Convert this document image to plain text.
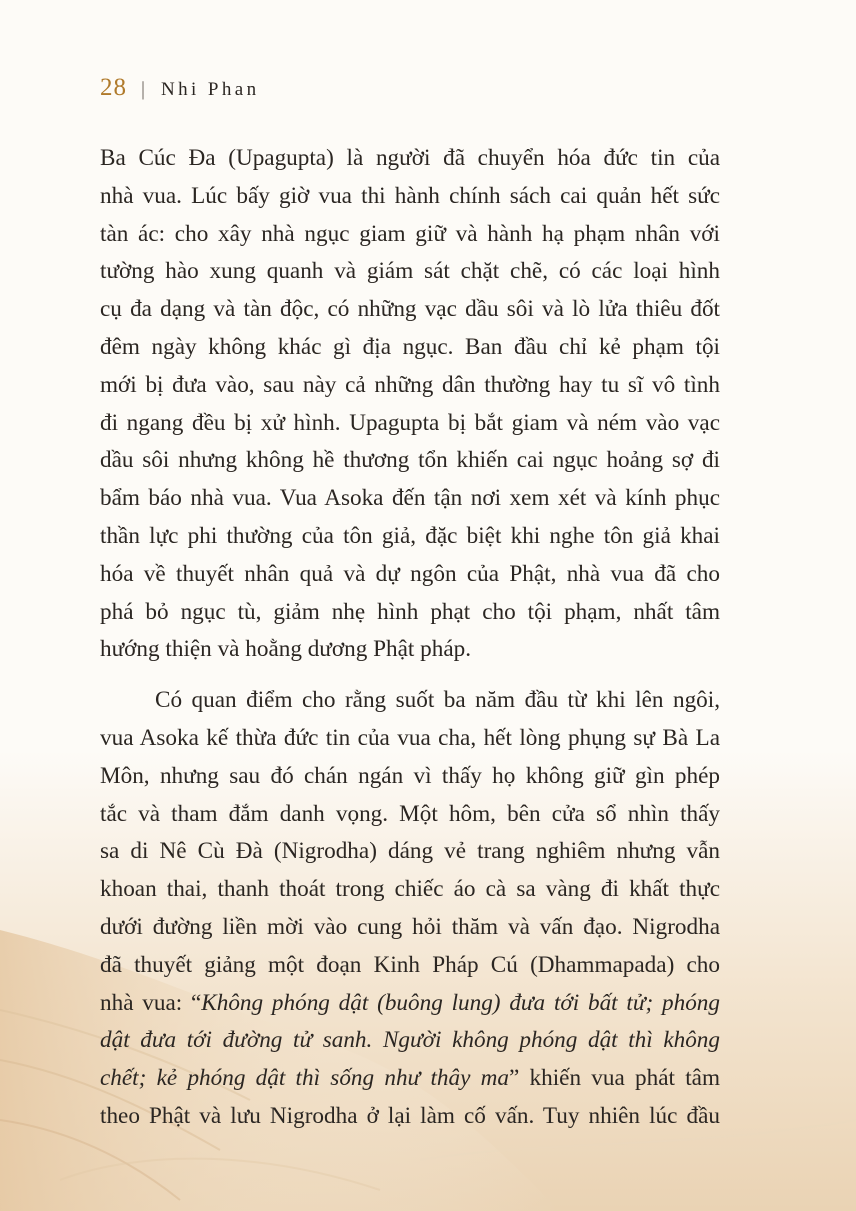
28 | Nhi Phan

Ba Cúc Đa (Upagupta) là người đã chuyển hóa đức tin của
nhà vua. Lúc bấy giờ vua thi hành chính sách cai quản hết sức
tàn ác: cho xây nhà ngục giam giữ và hành hạ phạm nhân với
tường hào xung quanh và giám sát chặt chẽ, có các loại hình
cụ đa dạng và tàn độc, có những vạc dầu sôi và lò lửa thiêu đốt
đêm ngày không khác gì địa ngục. Ban đầu chỉ kẻ phạm tội
mới bị đưa vào, sau này cả những dân thường hay tu sĩ vô tình
đi ngang đều bị xử hình. Upagupta bị bắt giam và ném vào vạc
dầu sôi nhưng không hề thương tổn khiến cai ngục hoảng sợ đi
bẩm báo nhà vua. Vua Asoka đến tận nơi xem xét và kính phục
thần lực phi thường của tôn giả, đặc biệt khi nghe tôn giả khai
hóa về thuyết nhân quả và dự ngôn của Phật, nhà vua đã cho
phá bỏ ngục tù, giảm nhẹ hình phạt cho tội phạm, nhất tâm
hướng thiện và hoằng dương Phật pháp.

Có quan điểm cho rằng suốt ba năm đầu từ khi lên ngôi,
vua Asoka kế thừa đức tin của vua cha, hết lòng phụng sự Bà La
Môn, nhưng sau đó chán ngán vì thấy họ không giữ gìn phép
tắc và tham đắm danh vọng. Một hôm, bên cửa sổ nhìn thấy
sa di Nê Cù Đà (Nigrodha) dáng vẻ trang nghiêm nhưng vẫn
khoan thai, thanh thoát trong chiếc áo cà sa vàng đi khất thực
dưới đường liền mời vào cung hỏi thăm và vấn đạo. Nigrodha
đã thuyết giảng một đoạn Kinh Pháp Cú (Dhammapada) cho
nhà vua: “Không phóng dật (buông lung) đưa tới bất tử; phóng
dật đưa tới đường tử sanh. Người không phóng dật thì không
chết; kẻ phóng dật thì sống như thây ma” khiến vua phát tâm
theo Phật và lưu Nigrodha ở lại làm cố vấn. Tuy nhiên lúc đầu
